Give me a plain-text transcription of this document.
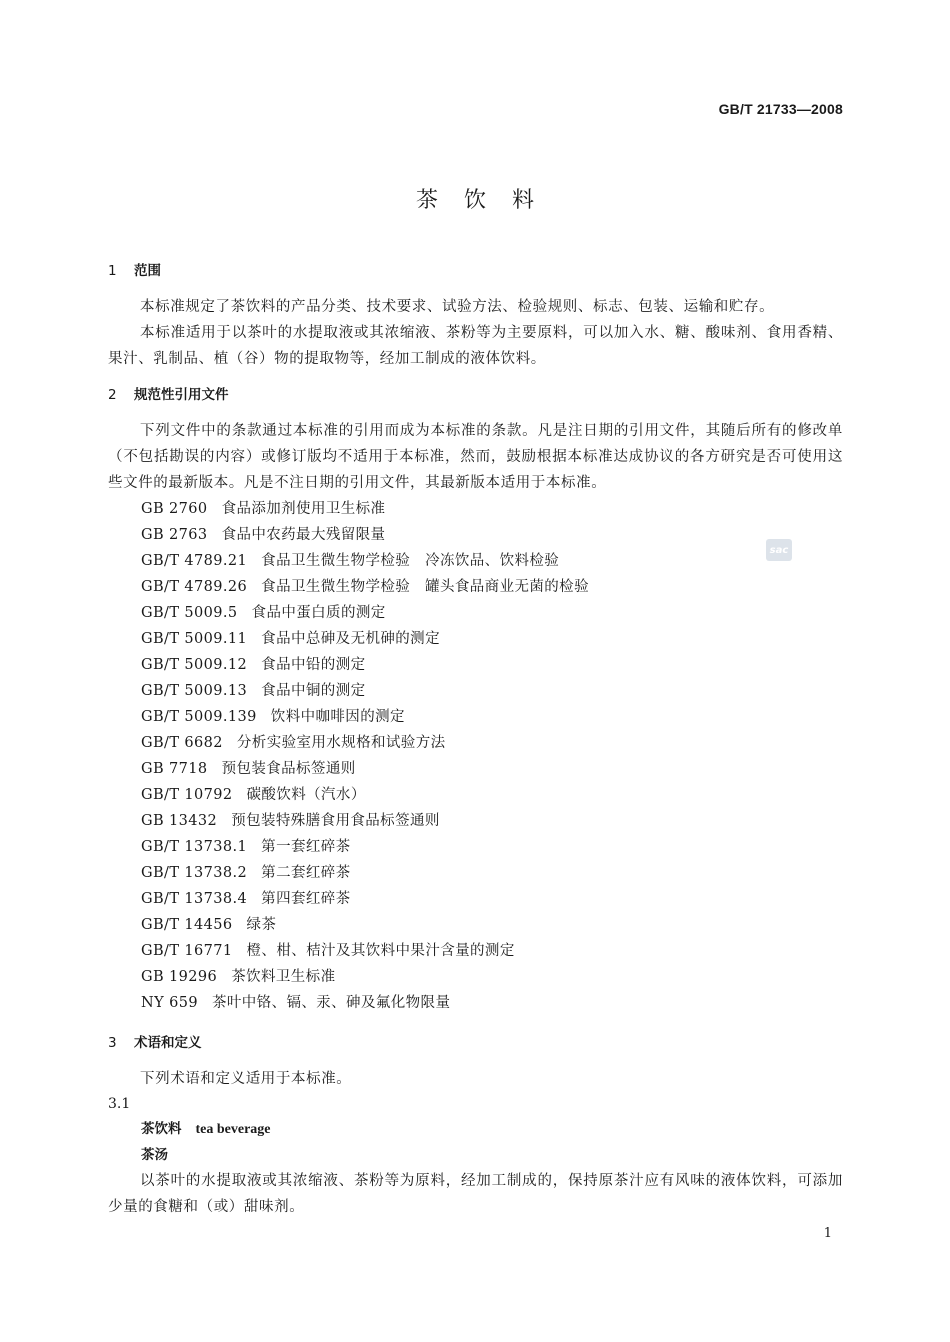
GB/T 21733—2008
茶饮料
sac
1 范围
本标准规定了茶饮料的产品分类、技术要求、试验方法、检验规则、标志、包装、运输和贮存。
本标准适用于以茶叶的水提取液或其浓缩液、茶粉等为主要原料，可以加入水、糖、酸味剂、食用香精、果汁、乳制品、植（谷）物的提取物等，经加工制成的液体饮料。
2 规范性引用文件
下列文件中的条款通过本标准的引用而成为本标准的条款。凡是注日期的引用文件，其随后所有的修改单（不包括勘误的内容）或修订版均不适用于本标准，然而，鼓励根据本标准达成协议的各方研究是否可使用这些文件的最新版本。凡是不注日期的引用文件，其最新版本适用于本标准。
GB 2760 食品添加剂使用卫生标准
GB 2763 食品中农药最大残留限量
GB/T 4789.21 食品卫生微生物学检验　冷冻饮品、饮料检验
GB/T 4789.26 食品卫生微生物学检验　罐头食品商业无菌的检验
GB/T 5009.5 食品中蛋白质的测定
GB/T 5009.11 食品中总砷及无机砷的测定
GB/T 5009.12 食品中铅的测定
GB/T 5009.13 食品中铜的测定
GB/T 5009.139 饮料中咖啡因的测定
GB/T 6682 分析实验室用水规格和试验方法
GB 7718 预包装食品标签通则
GB/T 10792 碳酸饮料（汽水）
GB 13432 预包装特殊膳食用食品标签通则
GB/T 13738.1 第一套红碎茶
GB/T 13738.2 第二套红碎茶
GB/T 13738.4 第四套红碎茶
GB/T 14456 绿茶
GB/T 16771 橙、柑、桔汁及其饮料中果汁含量的测定
GB 19296 茶饮料卫生标准
NY 659 茶叶中铬、镉、汞、砷及氟化物限量
3 术语和定义
下列术语和定义适用于本标准。
3.1
茶饮料 tea beverage
茶汤
以茶叶的水提取液或其浓缩液、茶粉等为原料，经加工制成的，保持原茶汁应有风味的液体饮料，可添加少量的食糖和（或）甜味剂。
1
